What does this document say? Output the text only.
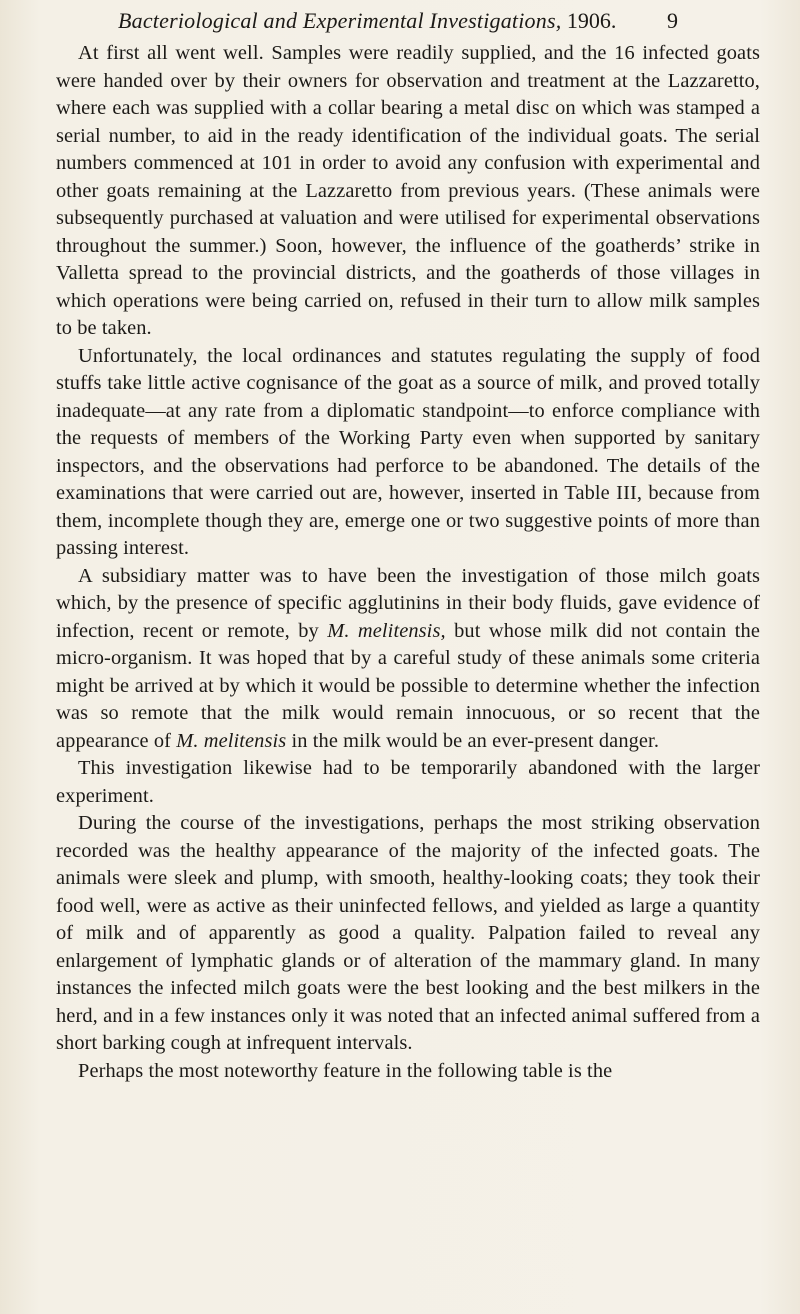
Bacteriological and Experimental Investigations, 1906. 9

At first all went well. Samples were readily supplied, and the 16 infected goats were handed over by their owners for observation and treatment at the Lazzaretto, where each was supplied with a collar bearing a metal disc on which was stamped a serial number, to aid in the ready identification of the individual goats. The serial numbers commenced at 101 in order to avoid any confusion with experimental and other goats remaining at the Lazzaretto from previous years. (These animals were subsequently purchased at valuation and were utilised for experimental observations throughout the summer.) Soon, however, the influence of the goatherds’ strike in Valletta spread to the provincial districts, and the goatherds of those villages in which operations were being carried on, refused in their turn to allow milk samples to be taken.

Unfortunately, the local ordinances and statutes regulating the supply of food stuffs take little active cognisance of the goat as a source of milk, and proved totally inadequate—at any rate from a diplomatic standpoint—to enforce compliance with the requests of members of the Working Party even when supported by sanitary inspectors, and the observations had perforce to be abandoned. The details of the examinations that were carried out are, however, inserted in Table III, because from them, incomplete though they are, emerge one or two suggestive points of more than passing interest.

A subsidiary matter was to have been the investigation of those milch goats which, by the presence of specific agglutinins in their body fluids, gave evidence of infection, recent or remote, by M. melitensis, but whose milk did not contain the micro-organism. It was hoped that by a careful study of these animals some criteria might be arrived at by which it would be possible to determine whether the infection was so remote that the milk would remain innocuous, or so recent that the appearance of M. melitensis in the milk would be an ever-present danger.

This investigation likewise had to be temporarily abandoned with the larger experiment.

During the course of the investigations, perhaps the most striking observation recorded was the healthy appearance of the majority of the infected goats. The animals were sleek and plump, with smooth, healthy-looking coats; they took their food well, were as active as their uninfected fellows, and yielded as large a quantity of milk and of apparently as good a quality. Palpation failed to reveal any enlargement of lymphatic glands or of alteration of the mammary gland. In many instances the infected milch goats were the best looking and the best milkers in the herd, and in a few instances only it was noted that an infected animal suffered from a short barking cough at infrequent intervals.

Perhaps the most noteworthy feature in the following table is the
